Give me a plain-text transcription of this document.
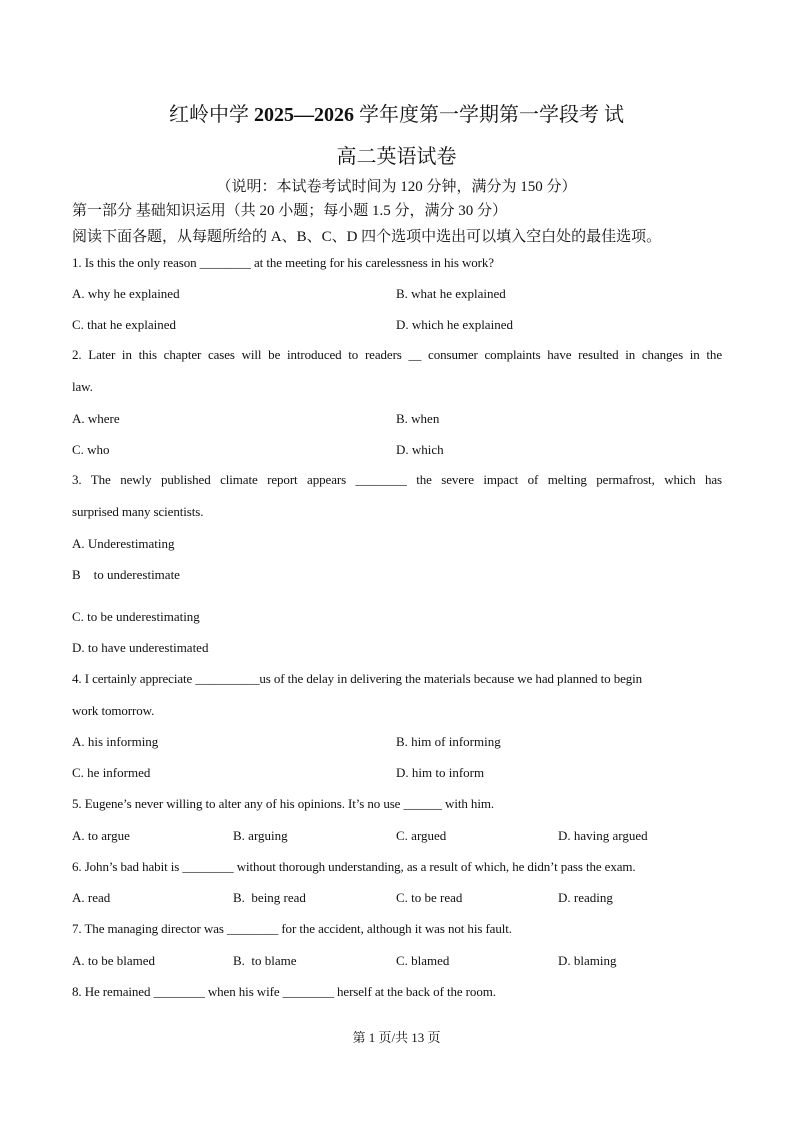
红岭中学 2025—2026 学年度第一学期第一学段考 试
高二英语试卷
（说明：本试卷考试时间为 120 分钟，满分为 150 分）
第一部分 基础知识运用（共 20 小题；每小题 1.5 分，满分 30 分）
阅读下面各题，从每题所给的 A、B、C、D 四个选项中选出可以填入空白处的最佳选项。
1. Is this the only reason ________ at the meeting for his carelessness in his work?
A. why he explained	B. what he explained
C. that he explained	D. which he explained
2. Later in this chapter cases will be introduced to readers __ consumer complaints have resulted in changes in the
law.
A. where	B. when
C. who	D. which
3. The newly published climate report appears ________ the severe impact of melting permafrost, which has
surprised many scientists.
A. Underestimating
B    to underestimate
C. to be underestimating
D. to have underestimated
4. I certainly appreciate __________us of the delay in delivering the materials because we had planned to begin
work tomorrow.
A. his informing	B. him of informing
C. he informed	D. him to inform
5. Eugene’s never willing to alter any of his opinions. It’s no use ______ with him.
A. to argue	B. arguing	C. argued	D. having argued
6. John’s bad habit is ________ without thorough understanding, as a result of which, he didn’t pass the exam.
A. read	B.  being read	C. to be read	D. reading
7. The managing director was ________ for the accident, although it was not his fault.
A. to be blamed	B.  to blame	C. blamed	D. blaming
8. He remained ________ when his wife ________ herself at the back of the room.
第 1 页/共 13 页
